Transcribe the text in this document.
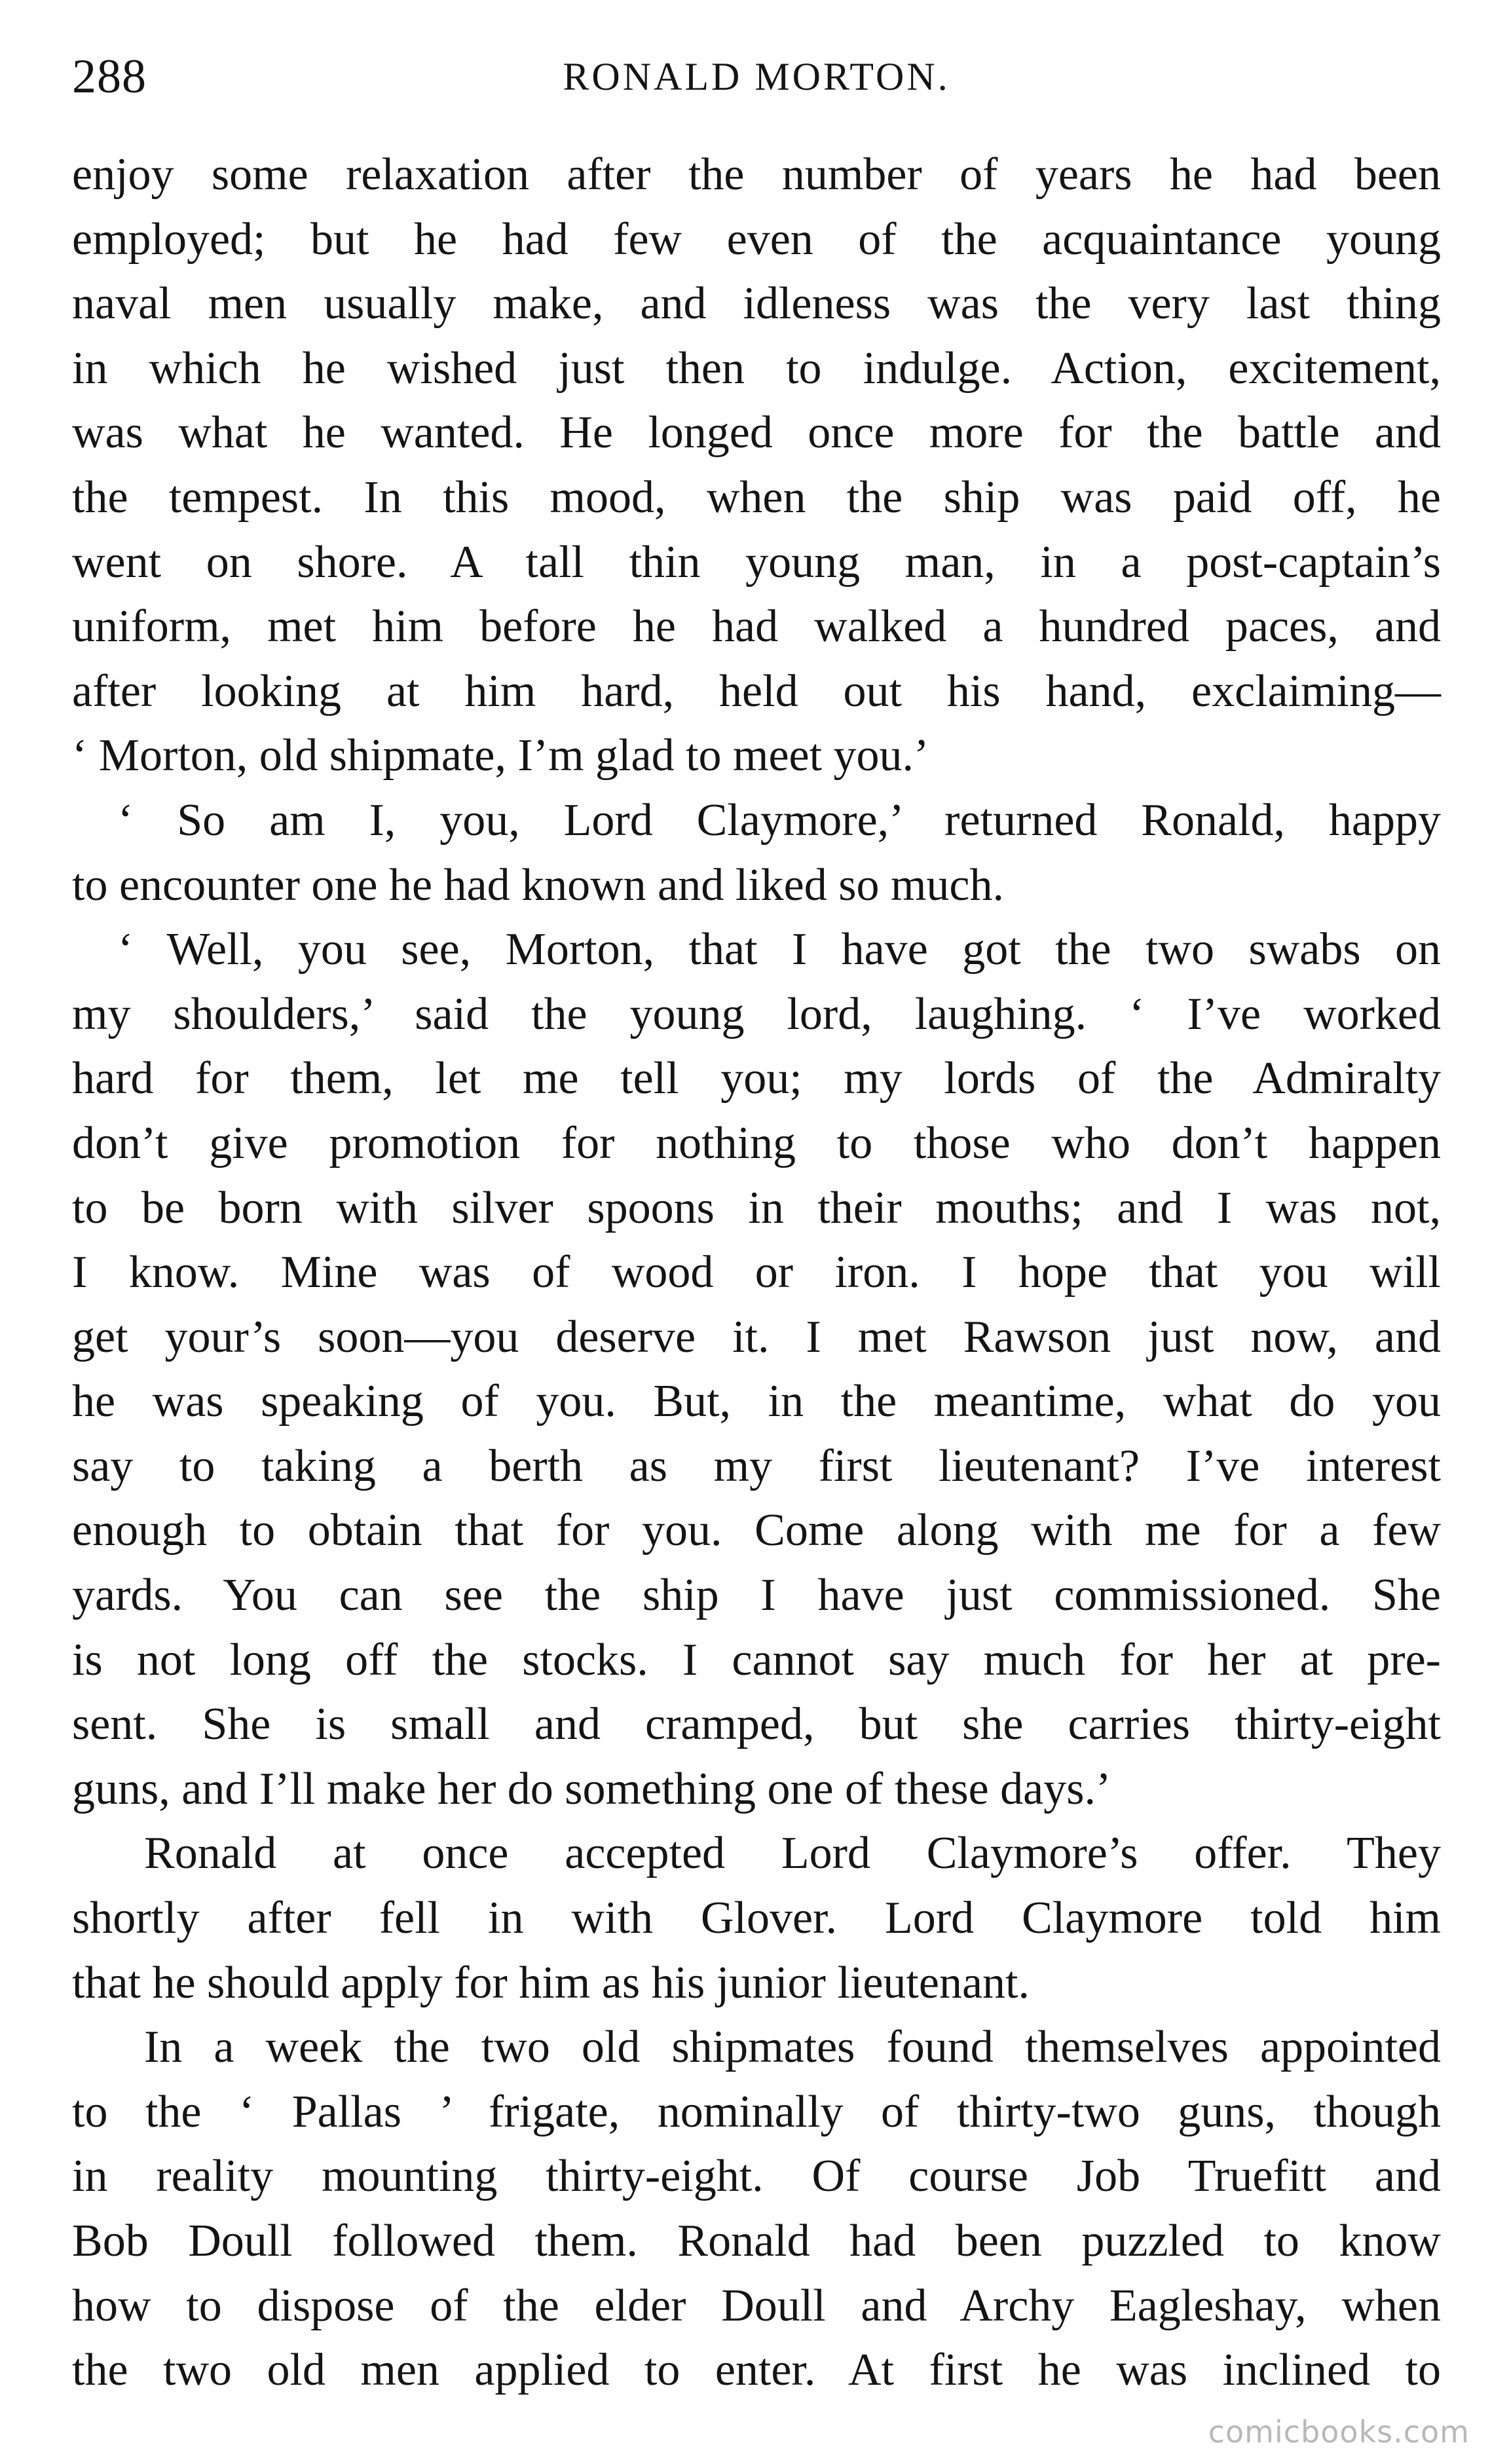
288	RONALD MORTON.
enjoy some relaxation after the number of years he had been
employed; but he had few even of the acquaintance young
naval men usually make, and idleness was the very last thing
in which he wished just then to indulge. Action, excitement,
was what he wanted. He longed once more for the battle and
the tempest. In this mood, when the ship was paid off, he
went on shore. A tall thin young man, in a post-captain’s
uniform, met him before he had walked a hundred paces, and
after looking at him hard, held out his hand, exclaiming—
‘ Morton, old shipmate, I’m glad to meet you.’
‘ So am I, you, Lord Claymore,’ returned Ronald, happy
to encounter one he had known and liked so much.
‘ Well, you see, Morton, that I have got the two swabs on
my shoulders,’ said the young lord, laughing. ‘ I’ve worked
hard for them, let me tell you; my lords of the Admiralty
don’t give promotion for nothing to those who don’t happen
to be born with silver spoons in their mouths; and I was not,
I know. Mine was of wood or iron. I hope that you will
get your’s soon—you deserve it. I met Rawson just now, and
he was speaking of you. But, in the meantime, what do you
say to taking a berth as my first lieutenant? I’ve interest
enough to obtain that for you. Come along with me for a few
yards. You can see the ship I have just commissioned. She
is not long off the stocks. I cannot say much for her at pre-
sent. She is small and cramped, but she carries thirty-eight
guns, and I’ll make her do something one of these days.’
Ronald at once accepted Lord Claymore’s offer. They
shortly after fell in with Glover. Lord Claymore told him
that he should apply for him as his junior lieutenant.
In a week the two old shipmates found themselves appointed
to the ‘ Pallas ’ frigate, nominally of thirty-two guns, though
in reality mounting thirty-eight. Of course Job Truefitt and
Bob Doull followed them. Ronald had been puzzled to know
how to dispose of the elder Doull and Archy Eagleshay, when
the two old men applied to enter. At first he was inclined to
comicbooks.com
